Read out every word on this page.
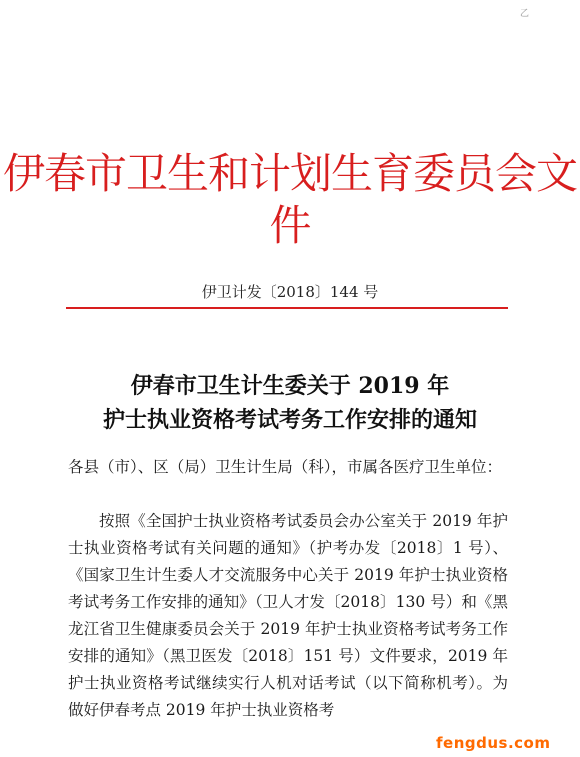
乙
伊春市卫生和计划生育委员会文件
伊卫计发〔2018〕144 号
伊春市卫生计生委关于 2019 年
护士执业资格考试考务工作安排的通知
各县（市）、区（局）卫生计生局（科），市属各医疗卫生单位：
按照《全国护士执业资格考试委员会办公室关于 2019 年护士执业资格考试有关问题的通知》（护考办发〔2018〕1 号）、《国家卫生计生委人才交流服务中心关于 2019 年护士执业资格考试考务工作安排的通知》（卫人才发〔2018〕130 号）和《黑龙江省卫生健康委员会关于 2019 年护士执业资格考试考务工作安排的通知》（黑卫医发〔2018〕151 号）文件要求，2019 年护士执业资格考试继续实行人机对话考试（以下简称机考）。为做好伊春考点 2019 年护士执业资格考
fengdus.com
